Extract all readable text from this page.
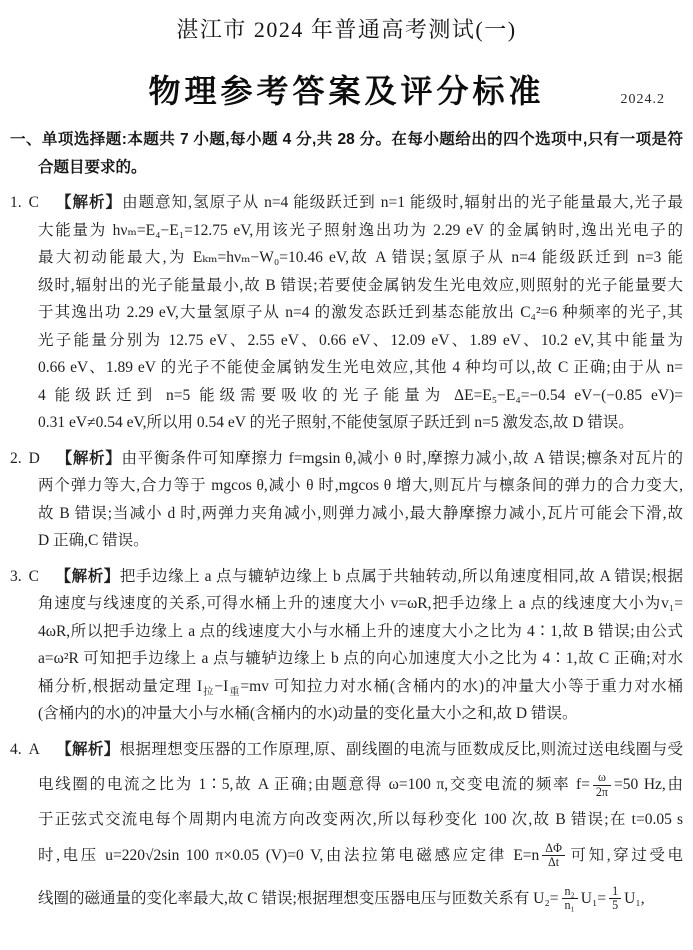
湛江市 2024 年普通高考测试(一)
物理参考答案及评分标准	2024.2
一、单项选择题:本题共 7 小题,每小题 4 分,共 28 分。在每小题给出的四个选项中,只有一项是符
合题目要求的。
1. C 【解析】由题意知,氢原子从 n=4 能级跃迁到 n=1 能级时,辐射出的光子能量最大,光子最
大能量为 hνₘ=E₄−E₁=12.75 eV,用该光子照射逸出功为 2.29 eV 的金属钠时,逸出光电子的
最大初动能最大,为 Eₖₘ=hνₘ−W₀=10.46 eV,故 A 错误;氢原子从 n=4 能级跃迁到 n=3 能
级时,辐射出的光子能量最小,故 B 错误;若要使金属钠发生光电效应,则照射的光子能量要大
于其逸出功 2.29 eV,大量氢原子从 n=4 的激发态跃迁到基态能放出 C₄²=6 种频率的光子,其
光子能量分别为 12.75 eV、2.55 eV、0.66 eV、12.09 eV、1.89 eV、10.2 eV,其中能量为
0.66 eV、1.89 eV 的光子不能使金属钠发生光电效应,其他 4 种均可以,故 C 正确;由于从 n=
4 能级跃迁到 n=5 能级需要吸收的光子能量为 ΔE=E₅−E₄=−0.54 eV−(−0.85 eV)=
0.31 eV≠0.54 eV,所以用 0.54 eV 的光子照射,不能使氢原子跃迁到 n=5 激发态,故 D 错误。
2. D 【解析】由平衡条件可知摩擦力 f=mgsin θ,减小 θ 时,摩擦力减小,故 A 错误;檩条对瓦片的
两个弹力等大,合力等于 mgcos θ,减小 θ 时,mgcos θ 增大,则瓦片与檩条间的弹力的合力变大,
故 B 错误;当减小 d 时,两弹力夹角减小,则弹力减小,最大静摩擦力减小,瓦片可能会下滑,故
D 正确,C 错误。
3. C 【解析】把手边缘上 a 点与辘轳边缘上 b 点属于共轴转动,所以角速度相同,故 A 错误;根据
角速度与线速度的关系,可得水桶上升的速度大小 v=ωR,把手边缘上 a 点的线速度大小为v₁=
4ωR,所以把手边缘上 a 点的线速度大小与水桶上升的速度大小之比为 4∶1,故 B 错误;由公式
a=ω²R 可知把手边缘上 a 点与辘轳边缘上 b 点的向心加速度大小之比为 4∶1,故 C 正确;对水
桶分析,根据动量定理 $I_拉-I_重=mv$ 可知拉力对水桶(含桶内的水)的冲量大小等于重力对水桶
(含桶内的水)的冲量大小与水桶(含桶内的水)动量的变化量大小之和,故 D 错误。
4. A 【解析】根据理想变压器的工作原理,原、副线圈的电流与匝数成反比,则流过送电线圈与受
电线圈的电流之比为 1∶5,故 A 正确;由题意得 ω=100 π,交变电流的频率 $f= \frac{\omega}{2\pi} =50$ Hz,由
于正弦式交流电每个周期内电流方向改变两次,所以每秒变化 100 次,故 B 错误;在 t=0.05 s
时,电压 u=220√2sin 100 π×0.05 (V)=0 V,由法拉第电磁感应定律 $E=n \frac{\Delta\Phi}{\Delta t}$ 可知,穿过受电
线圈的磁通量的变化率最大,故 C 错误;根据理想变压器电压与匝数关系有 $U_2= \frac{\text{n₂}}{\text{n₁}} U_1= \frac{1}{5} U_1$,
